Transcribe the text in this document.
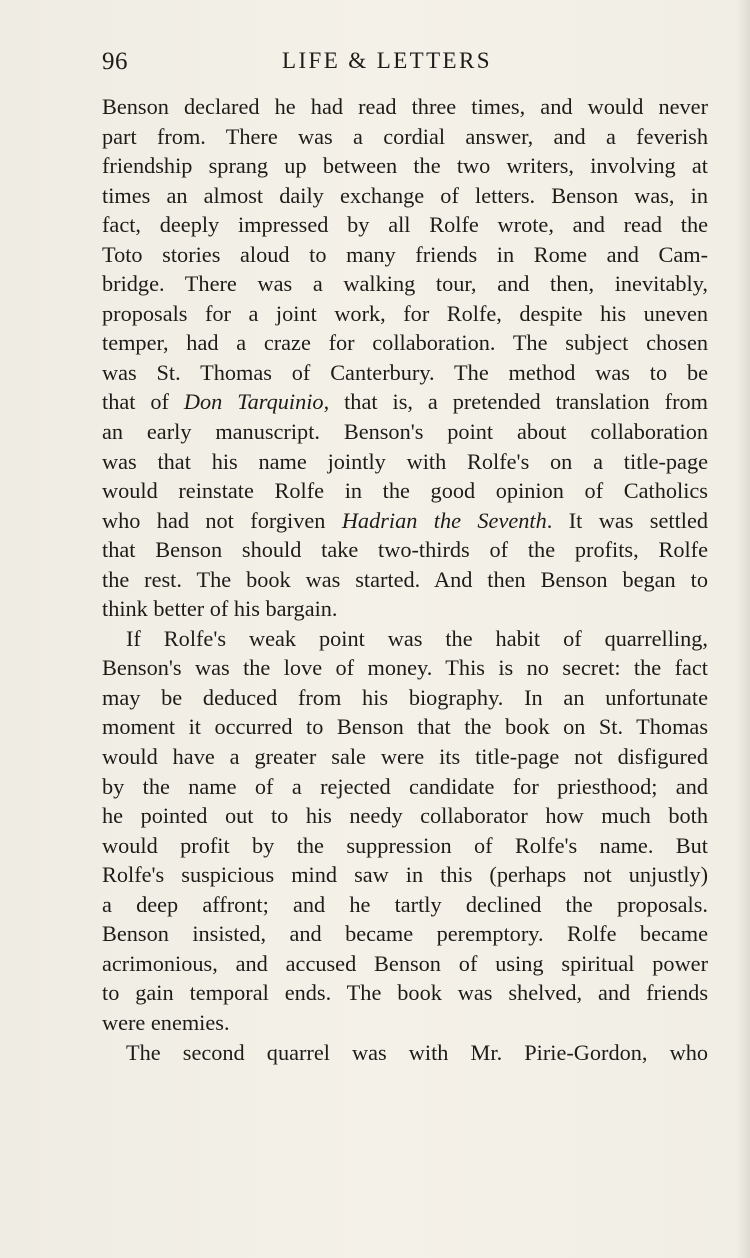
96	LIFE & LETTERS
Benson declared he had read three times, and would never
part from. There was a cordial answer, and a feverish
friendship sprang up between the two writers, involving at
times an almost daily exchange of letters. Benson was, in
fact, deeply impressed by all Rolfe wrote, and read the
Toto stories aloud to many friends in Rome and Cam-
bridge. There was a walking tour, and then, inevitably,
proposals for a joint work, for Rolfe, despite his uneven
temper, had a craze for collaboration. The subject chosen
was St. Thomas of Canterbury. The method was to be
that of Don Tarquinio, that is, a pretended translation from
an early manuscript. Benson's point about collaboration
was that his name jointly with Rolfe's on a title-page
would reinstate Rolfe in the good opinion of Catholics
who had not forgiven Hadrian the Seventh. It was settled
that Benson should take two-thirds of the profits, Rolfe
the rest. The book was started. And then Benson began to
think better of his bargain.
If Rolfe's weak point was the habit of quarrelling,
Benson's was the love of money. This is no secret: the fact
may be deduced from his biography. In an unfortunate
moment it occurred to Benson that the book on St. Thomas
would have a greater sale were its title-page not disfigured
by the name of a rejected candidate for priesthood; and
he pointed out to his needy collaborator how much both
would profit by the suppression of Rolfe's name. But
Rolfe's suspicious mind saw in this (perhaps not unjustly)
a deep affront; and he tartly declined the proposals.
Benson insisted, and became peremptory. Rolfe became
acrimonious, and accused Benson of using spiritual power
to gain temporal ends. The book was shelved, and friends
were enemies.
The second quarrel was with Mr. Pirie-Gordon, who
